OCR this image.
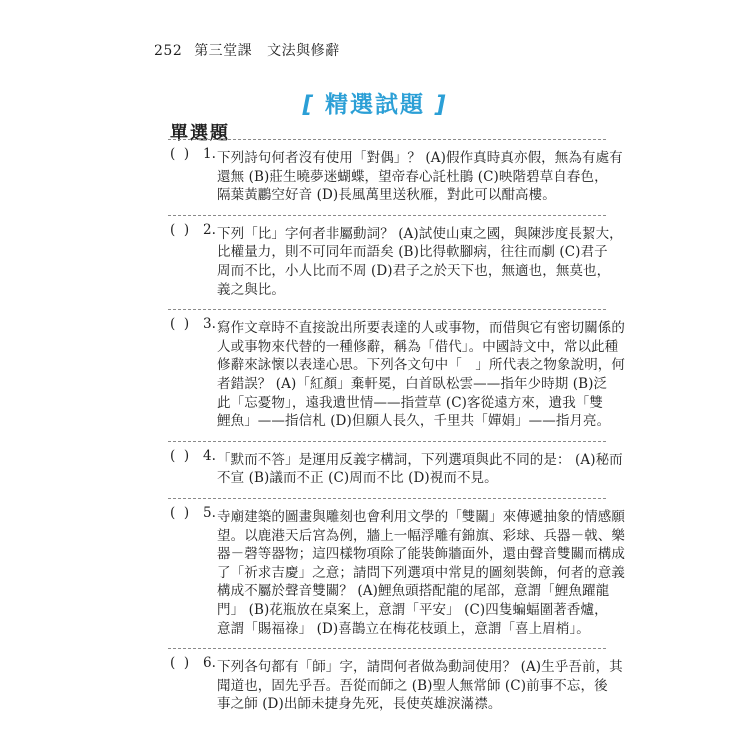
252 第三堂課 文法與修辭
[ 精選試題 ]
單選題
(  ) 1. 下列詩句何者沒有使用「對偶」？ (A)假作真時真亦假，無為有處有
還無 (B)莊生曉夢迷蝴蝶，望帝春心託杜鵑 (C)映階碧草自春色，
隔葉黃鸝空好音 (D)長風萬里送秋雁，對此可以酣高樓。
(  ) 2. 下列「比」字何者非屬動詞？ (A)試使山東之國，與陳涉度長絜大，
比權量力，則不可同年而語矣 (B)比得軟腳病，往往而劇 (C)君子
周而不比，小人比而不周 (D)君子之於天下也，無適也，無莫也，
義之與比。
(  ) 3. 寫作文章時不直接說出所要表達的人或事物，而借與它有密切關係的
人或事物來代替的一種修辭，稱為「借代」。中國詩文中，常以此種
修辭來詠懷以表達心思。下列各文句中「　」所代表之物象說明，何
者錯誤？ (A)「紅顏」棄軒冕，白首臥松雲——指年少時期 (B)泛
此「忘憂物」，遠我遺世情——指萱草 (C)客從遠方來，遺我「雙
鯉魚」——指信札 (D)但願人長久，千里共「嬋娟」——指月亮。
(  ) 4. 「默而不答」是運用反義字構詞，下列選項與此不同的是： (A)秘而
不宣 (B)議而不正 (C)周而不比 (D)視而不見。
(  ) 5. 寺廟建築的圖畫與雕刻也會利用文學的「雙關」來傳遞抽象的情感願
望。以鹿港天后宮為例，牆上一幅浮雕有錦旗、彩球、兵器－戟、樂
器－磬等器物；這四樣物項除了能裝飾牆面外，還由聲音雙關而構成
了「祈求吉慶」之意；請問下列選項中常見的圖刻裝飾，何者的意義
構成不屬於聲音雙關？ (A)鯉魚頭搭配龍的尾部，意謂「鯉魚躍龍
門」 (B)花瓶放在桌案上，意謂「平安」 (C)四隻蝙蝠圍著香爐，
意謂「賜福祿」 (D)喜鵲立在梅花枝頭上，意謂「喜上眉梢」。
(  ) 6. 下列各句都有「師」字，請問何者做為動詞使用？ (A)生乎吾前，其
聞道也，固先乎吾。吾從而師之 (B)聖人無常師 (C)前事不忘，後
事之師 (D)出師未捷身先死，長使英雄淚滿襟。
